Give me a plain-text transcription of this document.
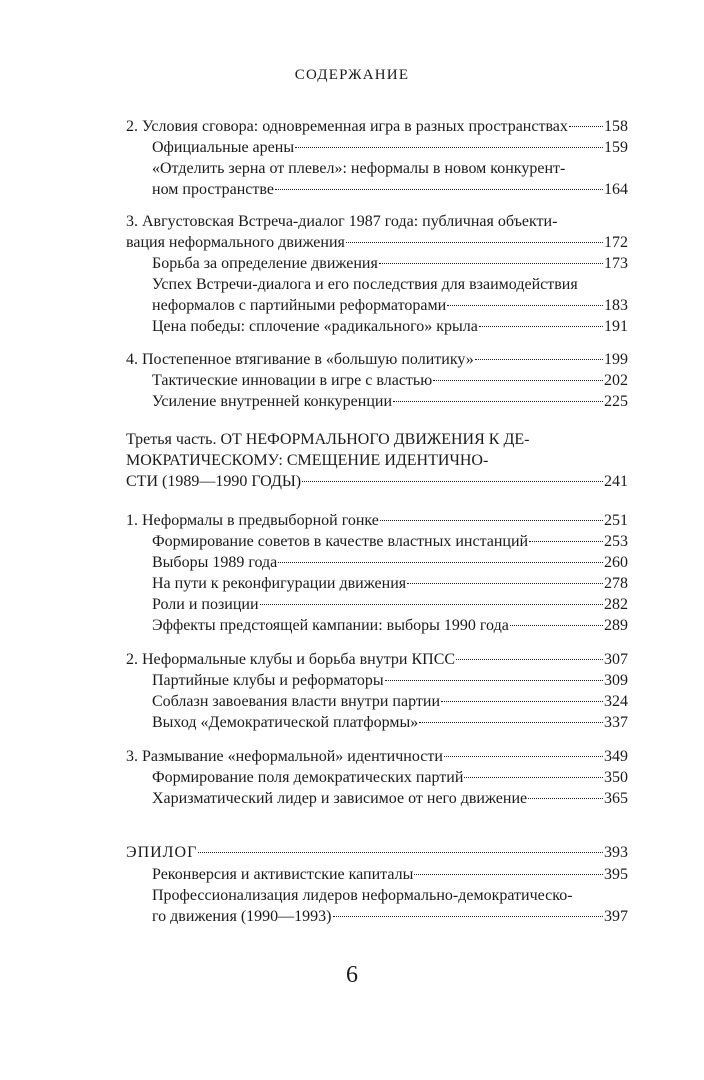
СОДЕРЖАНИЕ
2. Условия сговора: одновременная игра в разных пространствах 158
Официальные арены	159
«Отделить зерна от плевел»: неформалы в новом конкурент-
ном пространстве	164
3. Августовская Встреча-диалог 1987 года: публичная объекти-
вация неформального движения	172
Борьба за определение движения	173
Успех Встречи-диалога и его последствия для взаимодействия
неформалов с партийными реформаторами	183
Цена победы: сплочение «радикального» крыла	191
4. Постепенное втягивание в «большую политику»	199
Тактические инновации в игре с властью	202
Усиление внутренней конкуренции	225
Третья часть. ОТ НЕФОРМАЛЬНОГО ДВИЖЕНИЯ К ДЕ-
МОКРАТИЧЕСКОМУ: СМЕЩЕНИЕ ИДЕНТИЧНО-
СТИ (1989—1990 ГОДЫ)	241
1. Неформалы в предвыборной гонке	251
Формирование советов в качестве властных инстанций	253
Выборы 1989 года	260
На пути к реконфигурации движения	278
Роли и позиции	282
Эффекты предстоящей кампании: выборы 1990 года	289
2. Неформальные клубы и борьба внутри КПСС	307
Партийные клубы и реформаторы	309
Соблазн завоевания власти внутри партии	324
Выход «Демократической платформы»	337
3. Размывание «неформальной» идентичности	349
Формирование поля демократических партий	350
Харизматический лидер и зависимое от него движение	365
ЭПИЛОГ	393
Реконверсия и активистские капиталы	395
Профессионализация лидеров неформально-демократическо-
го движения (1990—1993)	397
6
